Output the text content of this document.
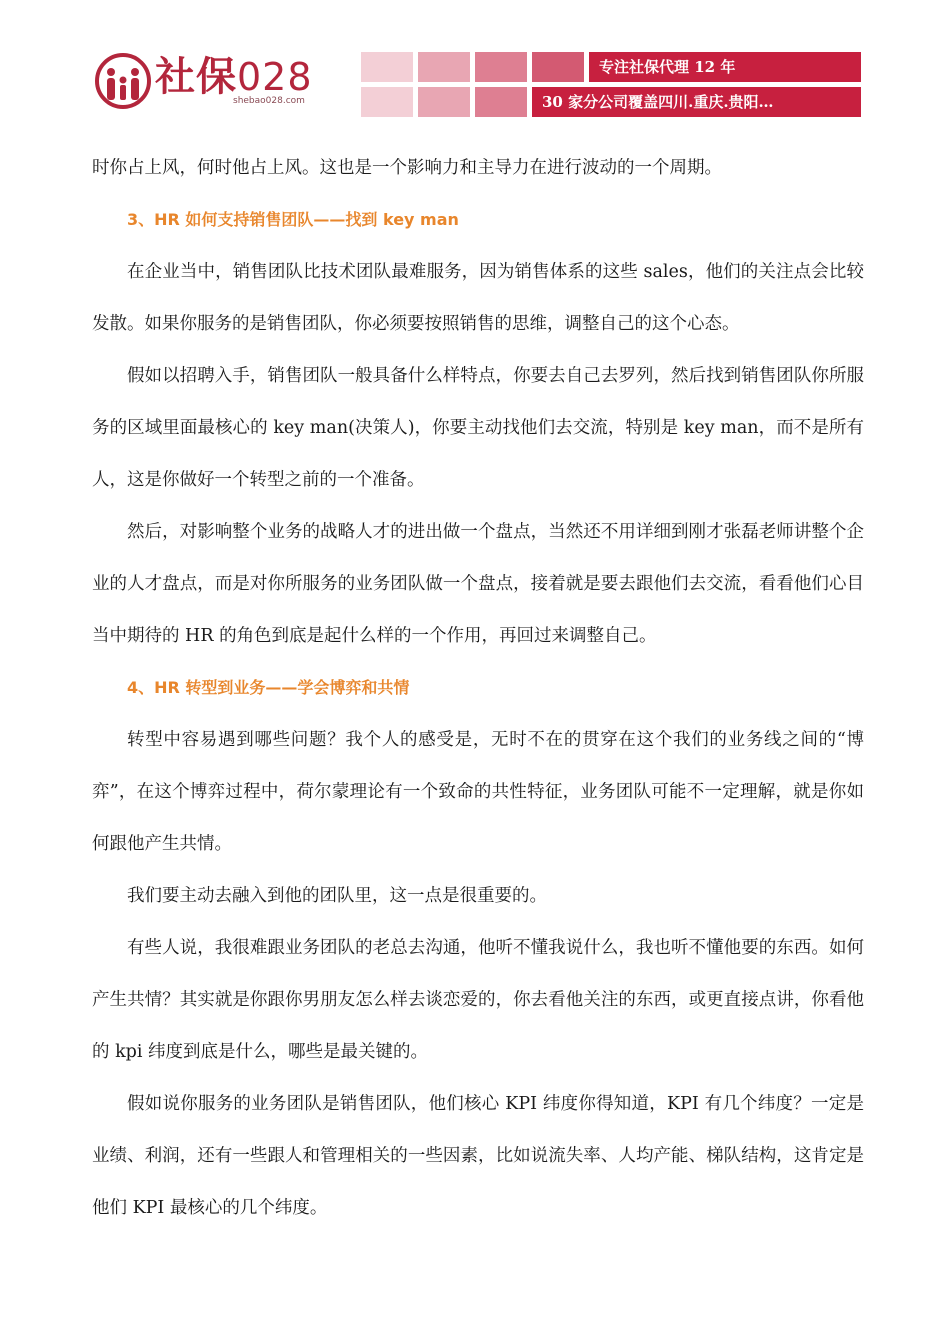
社保028
shebao028.com
专注社保代理 12 年
30 家分公司覆盖四川.重庆.贵阳…

时你占上风，何时他占上风。这也是一个影响力和主导力在进行波动的一个周期。

3、HR 如何支持销售团队——找到 key man

在企业当中，销售团队比技术团队最难服务，因为销售体系的这些 sales，他们的关注点会比较发散。如果你服务的是销售团队，你必须要按照销售的思维，调整自己的这个心态。

假如以招聘入手，销售团队一般具备什么样特点，你要去自己去罗列，然后找到销售团队你所服务的区域里面最核心的 key man(决策人)，你要主动找他们去交流，特别是 key man，而不是所有人，这是你做好一个转型之前的一个准备。

然后，对影响整个业务的战略人才的进出做一个盘点，当然还不用详细到刚才张磊老师讲整个企业的人才盘点，而是对你所服务的业务团队做一个盘点，接着就是要去跟他们去交流，看看他们心目当中期待的 HR 的角色到底是起什么样的一个作用，再回过来调整自己。

4、HR 转型到业务——学会博弈和共情

转型中容易遇到哪些问题？我个人的感受是，无时不在的贯穿在这个我们的业务线之间的“博弈”，在这个博弈过程中，荷尔蒙理论有一个致命的共性特征，业务团队可能不一定理解，就是你如何跟他产生共情。

我们要主动去融入到他的团队里，这一点是很重要的。

有些人说，我很难跟业务团队的老总去沟通，他听不懂我说什么，我也听不懂他要的东西。如何产生共情？其实就是你跟你男朋友怎么样去谈恋爱的，你去看他关注的东西，或更直接点讲，你看他的 kpi 纬度到底是什么，哪些是最关键的。

假如说你服务的业务团队是销售团队，他们核心 KPI 纬度你得知道，KPI 有几个纬度？一定是业绩、利润，还有一些跟人和管理相关的一些因素，比如说流失率、人均产能、梯队结构，这肯定是他们 KPI 最核心的几个纬度。
